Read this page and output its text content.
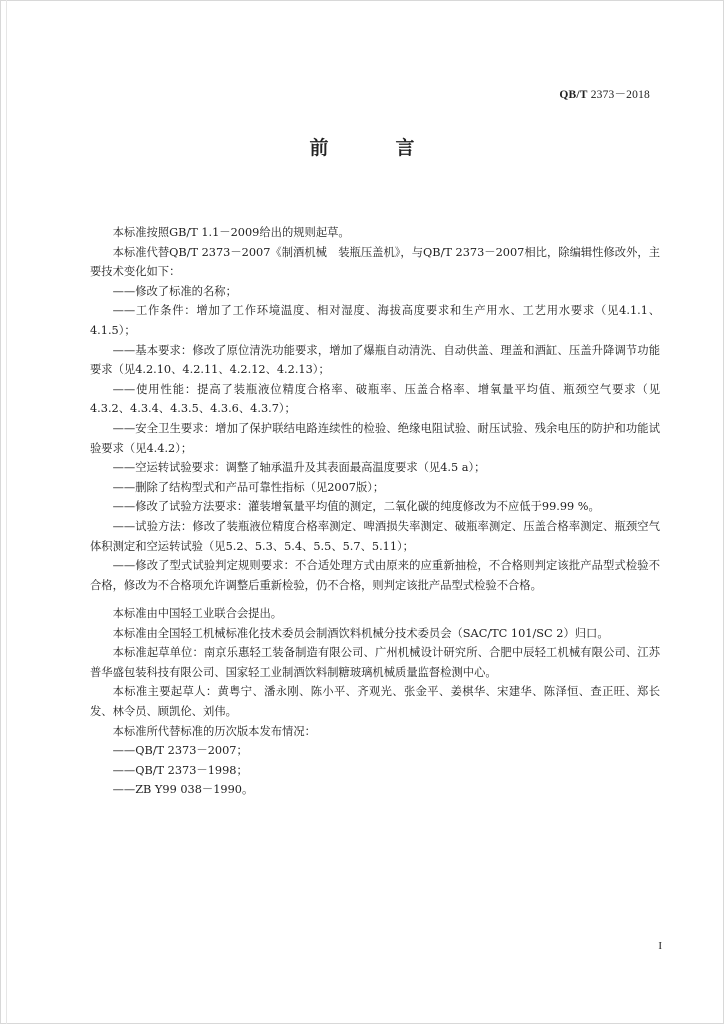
QB/T 2373－2018
前　言

本标准按照GB/T 1.1－2009给出的规则起草。

本标准代替QB/T 2373－2007《制酒机械　装瓶压盖机》，与QB/T 2373－2007相比，除编辑性修改外，主要技术变化如下：

——修改了标准的名称；

——工作条件：增加了工作环境温度、相对湿度、海拔高度要求和生产用水、工艺用水要求（见4.1.1、4.1.5）；

——基本要求：修改了原位清洗功能要求，增加了爆瓶自动清洗、自动供盖、理盖和酒缸、压盖升降调节功能要求（见4.2.10、4.2.11、4.2.12、4.2.13）；

——使用性能：提高了装瓶液位精度合格率、破瓶率、压盖合格率、增氧量平均值、瓶颈空气要求（见4.3.2、4.3.4、4.3.5、4.3.6、4.3.7）；

——安全卫生要求：增加了保护联结电路连续性的检验、绝缘电阻试验、耐压试验、残余电压的防护和功能试验要求（见4.4.2）；

——空运转试验要求：调整了轴承温升及其表面最高温度要求（见4.5 a）；

——删除了结构型式和产品可靠性指标（见2007版）；

——修改了试验方法要求：灌装增氧量平均值的测定，二氧化碳的纯度修改为不应低于99.99 %。

——试验方法：修改了装瓶液位精度合格率测定、啤酒损失率测定、破瓶率测定、压盖合格率测定、瓶颈空气体积测定和空运转试验（见5.2、5.3、5.4、5.5、5.7、5.11）；

——修改了型式试验判定规则要求：不合适处理方式由原来的应重新抽检，不合格则判定该批产品型式检验不合格，修改为不合格项允许调整后重新检验，仍不合格，则判定该批产品型式检验不合格。

本标准由中国轻工业联合会提出。

本标准由全国轻工机械标准化技术委员会制酒饮料机械分技术委员会（SAC/TC 101/SC 2）归口。

本标准起草单位：南京乐惠轻工装备制造有限公司、广州机械设计研究所、合肥中辰轻工机械有限公司、江苏普华盛包装科技有限公司、国家轻工业制酒饮料制糖玻璃机械质量监督检测中心。

本标准主要起草人：黄粤宁、潘永刚、陈小平、齐观光、张金平、姜棋华、宋建华、陈泽恒、查正旺、郑长发、林令员、顾凯伦、刘伟。

本标准所代替标准的历次版本发布情况：

——QB/T 2373－2007；

——QB/T 2373－1998；

——ZB Y99 038－1990。

I
